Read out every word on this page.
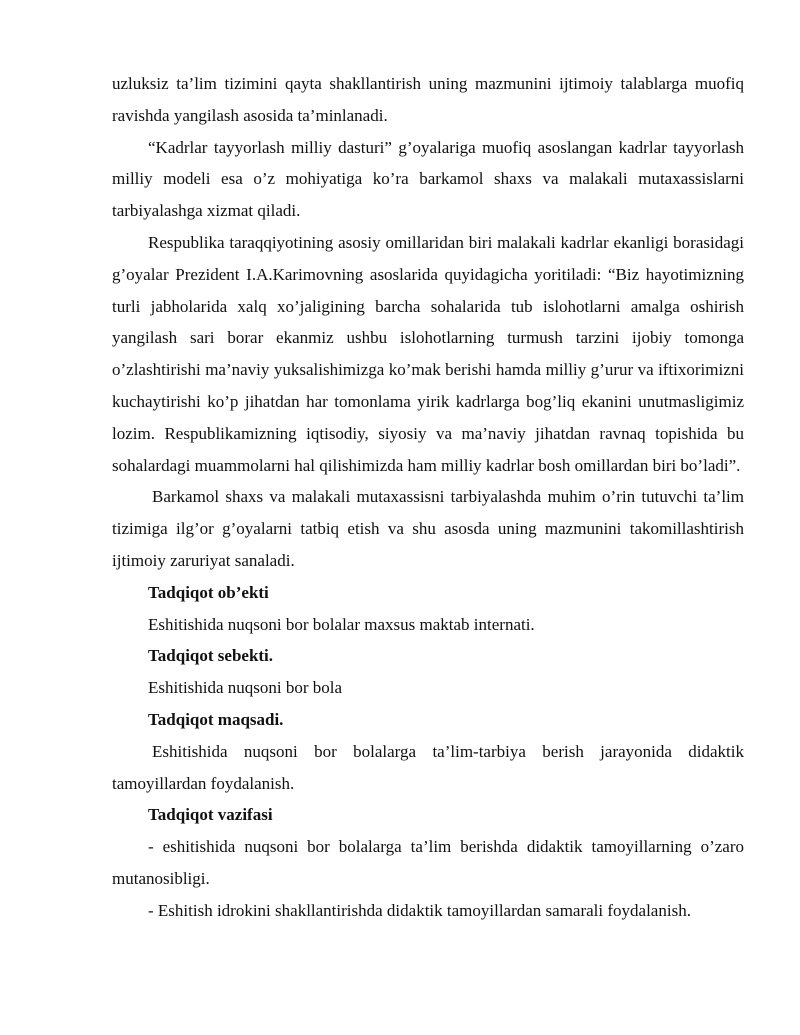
uzluksiz ta’lim tizimini qayta shakllantirish uning mazmunini ijtimoiy talablarga muofiq ravishda yangilash asosida ta’minlanadi.

“Kadrlar tayyorlash milliy dasturi” g’oyalariga muofiq asoslangan kadrlar tayyorlash milliy modeli esa o’z mohiyatiga ko’ra barkamol shaxs va malakali mutaxassislarni tarbiyalashga xizmat qiladi.

Respublika taraqqiyotining asosiy omillaridan biri malakali kadrlar ekanligi borasidagi g’oyalar Prezident I.A.Karimovning asoslarida quyidagicha yoritiladi: “Biz hayotimizning turli jabholarida xalq xo’jaligining barcha sohalarida tub islohotlarni amalga oshirish yangilash sari borar ekanmiz ushbu islohotlarning turmush tarzini ijobiy tomonga o’zlashtirishi ma’naviy yuksalishimizga ko’mak berishi hamda milliy g’urur va iftixorimizni kuchaytirishi ko’p jihatdan har tomonlama yirik kadrlarga bog’liq ekanini unutmasligimiz lozim. Respublikamizning iqtisodiy, siyosiy va ma’naviy jihatdan ravnaq topishida bu sohalardagi muammolarni hal qilishimizda ham milliy kadrlar bosh omillardan biri bo’ladi”.

Barkamol shaxs va malakali mutaxassisni tarbiyalashda muhim o’rin tutuvchi ta’lim tizimiga ilg’or g’oyalarni tatbiq etish va shu asosda uning mazmunini takomillashtirish ijtimoiy zaruriyat sanaladi.

Tadqiqot ob’ekti

Eshitishida nuqsoni bor bolalar maxsus maktab internati.

Tadqiqot sebekti.

Eshitishida nuqsoni bor bola

Tadqiqot maqsadi.

Eshitishida nuqsoni bor bolalarga ta’lim-tarbiya berish jarayonida didaktik tamoyillardan foydalanish.

Tadqiqot vazifasi

- eshitishida nuqsoni bor bolalarga ta’lim berishda didaktik tamoyillarning o’zaro mutanosibligi.

- Eshitish idrokini shakllantirishda didaktik tamoyillardan samarali foydalanish.
